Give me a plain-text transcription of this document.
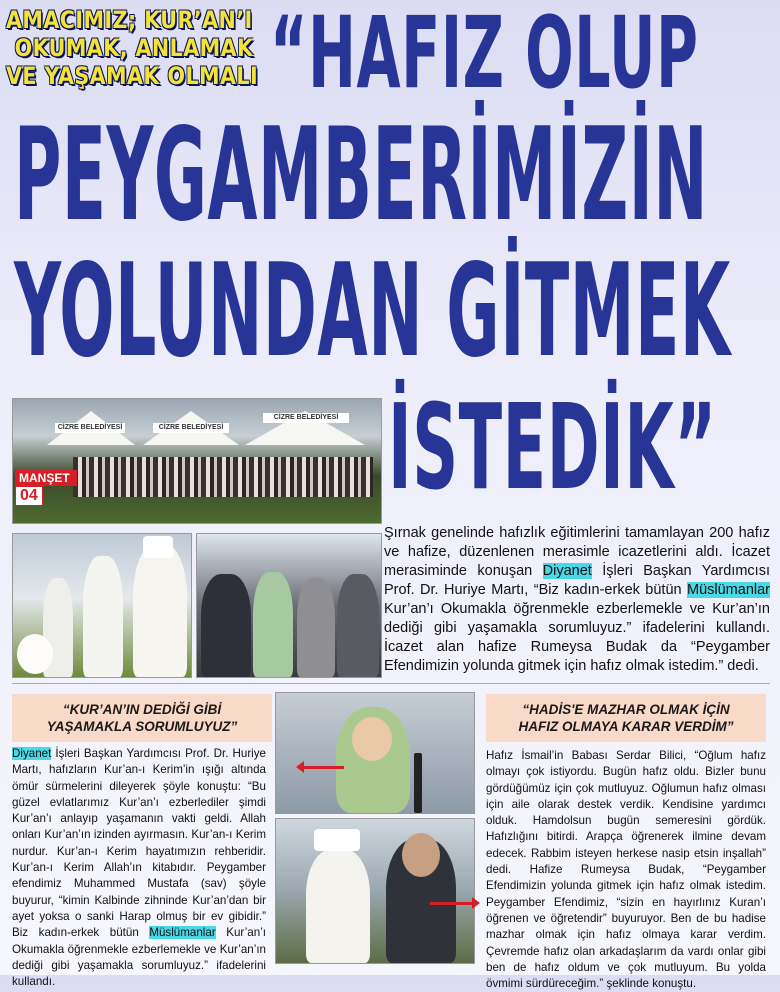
AMACIMIZ; KUR’AN’I
OKUMAK, ANLAMAK
VE YAŞAMAK OLMALI “HAFIZ OLUP
PEYGAMBERİMİZİN
YOLUNDAN GİTMEK
İSTEDİK”
CİZRE BELEDİYESİ	CİZRE BELEDİYESİ
CİZRE BELEDİYESİ
MANŞET
04
Şırnak genelinde hafızlık eğitimlerini tamamlayan 200 hafız ve hafize, düzenlenen merasimle icazetlerini aldı. İcazet merasiminde konuşan Diyanet İşleri Başkan Yardımcısı Prof. Dr. Huriye Martı, “Biz kadın-erkek bütün Müslümanlar Kur’an’ı Okumakla öğrenmekle ezberlemekle ve Kur’an’ın dediği gibi yaşamakla sorumluyuz.” ifadelerini kullandı. İcazet alan hafize Rumeysa Budak da “Peygamber Efendimizin yolunda gitmek için hafız olmak istedim.” dedi.
“KUR’AN’IN DEDİĞİ GİBİ
YAŞAMAKLA SORUMLUYUZ”
Diyanet İşleri Başkan Yardımcısı Prof. Dr. Huriye Martı, hafızların Kur’an-ı Kerim’in ışığı altında ömür sürmelerini dileyerek şöyle konuştu: “Bu güzel evlatlarımız Kur’an’ı ezberlediler şimdi Kur’an’ı anlayıp yaşamanın vakti geldi. Allah onları Kur’an’ın izinden ayırmasın. Kur’an-ı Kerim nurdur. Kur’an-ı Kerim hayatımızın rehberidir. Kur’an-ı Kerim Allah’ın kitabıdır. Peygamber efendimiz Muhammed Mustafa (sav) şöyle buyurur, “kimin Kalbinde zihninde Kur’an’dan bir ayet yoksa o sanki Harap olmuş bir ev gibidir.” Biz kadın-erkek bütün Müslümanlar Kur’an’ı Okumakla öğrenmekle ezberlemekle ve Kur’an’ın dediği gibi yaşamakla sorumluyuz.” ifadelerini kullandı.
“HADİS'E MAZHAR OLMAK İÇİN
HAFIZ OLMAYA KARAR VERDİM”
Hafız İsmail’in Babası Serdar Bilici, “Oğlum hafız olmayı çok istiyordu. Bugün hafız oldu. Bizler bunu gördüğümüz için çok mutluyuz. Oğlumun hafız olması için aile olarak destek verdik. Kendisine yardımcı olduk. Hamdolsun bugün semeresini gördük. Hafızlığını bitirdi. Arapça öğrenerek ilmine devam edecek. Rabbim isteyen herkese nasip etsin inşallah” dedi. Hafize Rumeysa Budak, “Peygamber Efendimizin yolunda gitmek için hafız olmak istedim. Peygamber Efendimiz, “sizin en hayırlınız Kuran’ı öğrenen ve öğretendir” buyuruyor. Ben de bu hadise mazhar olmak için hafız olmaya karar verdim. Çevremde hafız olan arkadaşlarım da vardı onlar gibi ben de hafız oldum ve çok mutluyum. Bu yolda övmimi sürdüreceğim.” şeklinde konuştu.
